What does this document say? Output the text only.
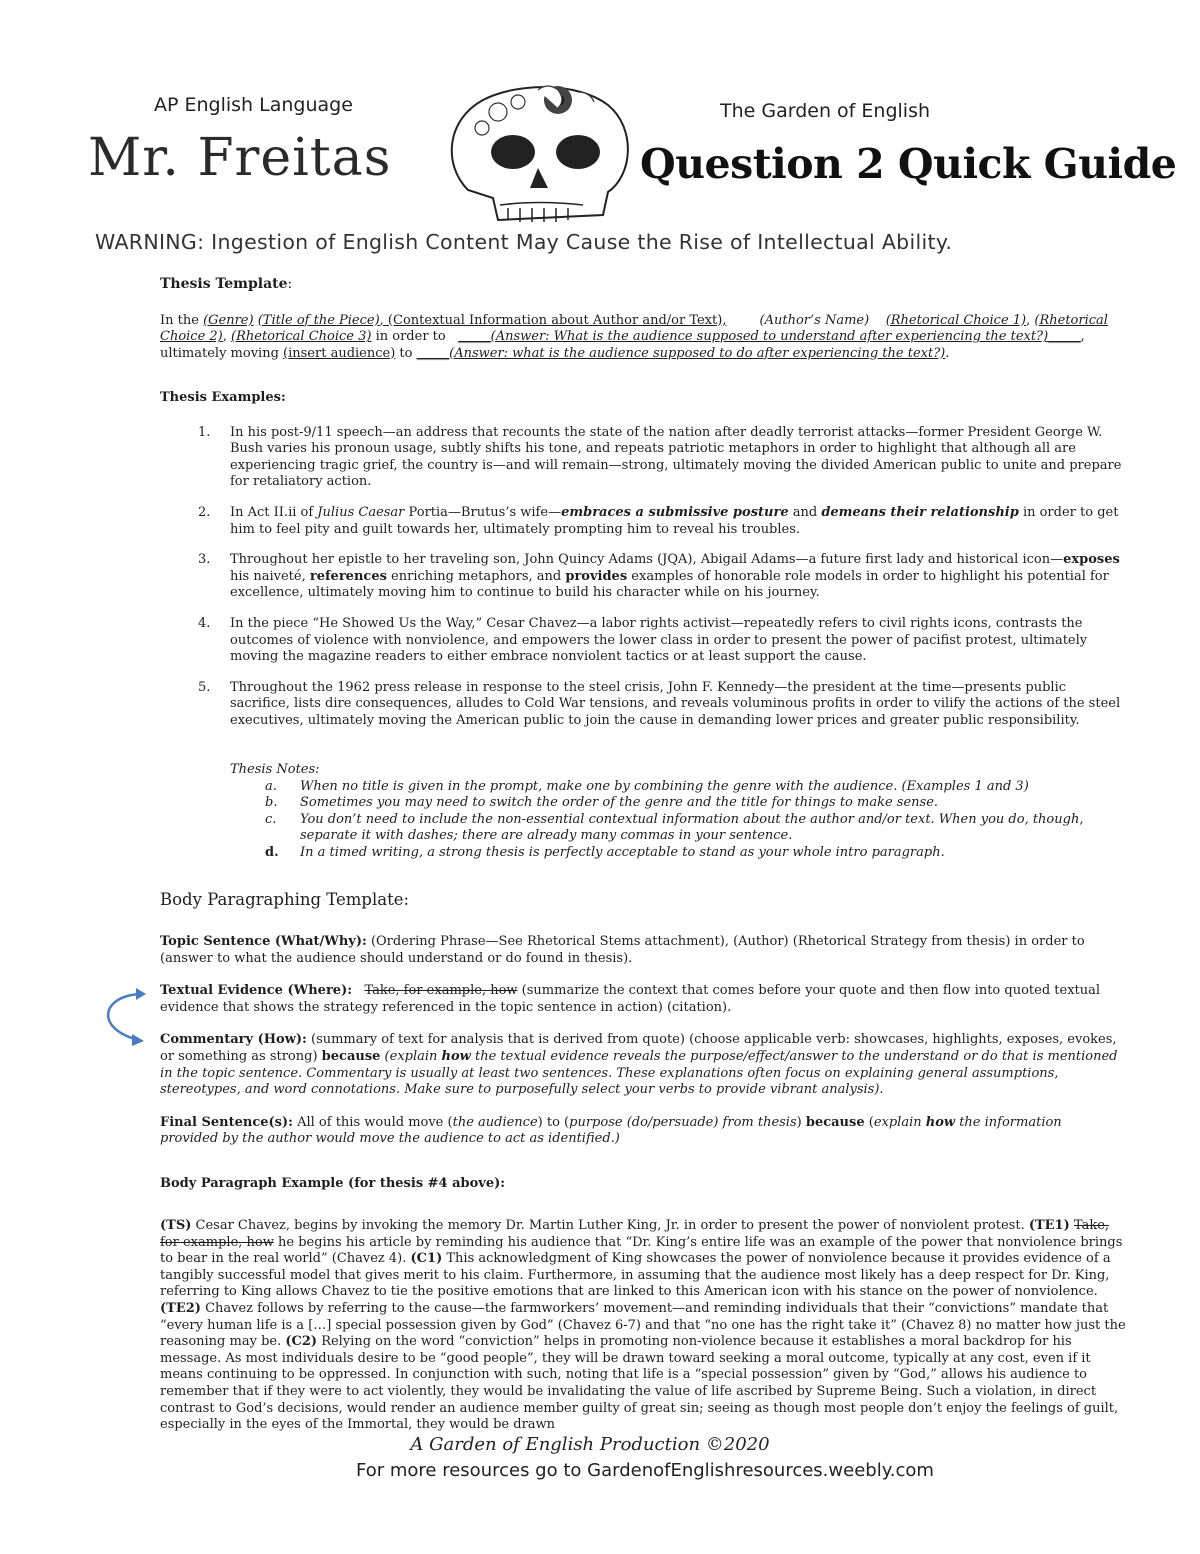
AP English Language
Mr. Freitas
The Garden of English
Question 2 Quick Guide
WARNING: Ingestion of English Content May Cause the Rise of Intellectual Ability.
Thesis Template:
In the (Genre) (Title of the Piece), (Contextual Information about Author and/or Text),	(Author’s Name) (Rhetorical Choice 1), (Rhetorical Choice 2), (Rhetorical Choice 3) in order to   _____(Answer: What is the audience supposed to understand after experiencing the text?)_____, ultimately moving (insert audience) to _____(Answer: what is the audience supposed to do after experiencing the text?).
Thesis Examples:
1. In his post-9/11 speech—an address that recounts the state of the nation after deadly terrorist attacks—former President George W. Bush varies his pronoun usage, subtly shifts his tone, and repeats patriotic metaphors in order to highlight that although all are experiencing tragic grief, the country is—and will remain—strong, ultimately moving the divided American public to unite and prepare for retaliatory action.
2. In Act II.ii of Julius Caesar Portia—Brutus’s wife—embraces a submissive posture and demeans their relationship in order to get him to feel pity and guilt towards her, ultimately prompting him to reveal his troubles.
3. Throughout her epistle to her traveling son, John Quincy Adams (JQA), Abigail Adams—a future first lady and historical icon—exposes his naiveté, references enriching metaphors, and provides examples of honorable role models in order to highlight his potential for excellence, ultimately moving him to continue to build his character while on his journey.
4. In the piece “He Showed Us the Way,” Cesar Chavez—a labor rights activist—repeatedly refers to civil rights icons, contrasts the outcomes of violence with nonviolence, and empowers the lower class in order to present the power of pacifist protest, ultimately moving the magazine readers to either embrace nonviolent tactics or at least support the cause.
5. Throughout the 1962 press release in response to the steel crisis, John F. Kennedy—the president at the time—presents public sacrifice, lists dire consequences, alludes to Cold War tensions, and reveals voluminous profits in order to vilify the actions of the steel executives, ultimately moving the American public to join the cause in demanding lower prices and greater public responsibility.
Thesis Notes:
a. When no title is given in the prompt, make one by combining the genre with the audience. (Examples 1 and 3)
b. Sometimes you may need to switch the order of the genre and the title for things to make sense.
c. You don’t need to include the non-essential contextual information about the author and/or text. When you do, though, separate it with dashes; there are already many commas in your sentence.
d. In a timed writing, a strong thesis is perfectly acceptable to stand as your whole intro paragraph.
Body Paragraphing Template:
Topic Sentence (What/Why): (Ordering Phrase—See Rhetorical Stems attachment), (Author) (Rhetorical Strategy from thesis) in order to (answer to what the audience should understand or do found in thesis).
Textual Evidence (Where): Take, for example, how (summarize the context that comes before your quote and then flow into quoted textual evidence that shows the strategy referenced in the topic sentence in action) (citation).
Commentary (How): (summary of text for analysis that is derived from quote) (choose applicable verb: showcases, highlights, exposes, evokes, or something as strong) because (explain how the textual evidence reveals the purpose/effect/answer to the understand or do that is mentioned in the topic sentence. Commentary is usually at least two sentences. These explanations often focus on explaining general assumptions, stereotypes, and word connotations. Make sure to purposefully select your verbs to provide vibrant analysis).
Final Sentence(s): All of this would move (the audience) to (purpose (do/persuade) from thesis) because (explain how the information provided by the author would move the audience to act as identified.)
Body Paragraph Example (for thesis #4 above):
(TS) Cesar Chavez, begins by invoking the memory Dr. Martin Luther King, Jr. in order to present the power of nonviolent protest. (TE1) Take, for example, how he begins his article by reminding his audience that “Dr. King’s entire life was an example of the power that nonviolence brings to bear in the real world” (Chavez 4). (C1) This acknowledgment of King showcases the power of nonviolence because it provides evidence of a tangibly successful model that gives merit to his claim. Furthermore, in assuming that the audience most likely has a deep respect for Dr. King, referring to King allows Chavez to tie the positive emotions that are linked to this American icon with his stance on the power of nonviolence. (TE2) Chavez follows by referring to the cause—the farmworkers’ movement—and reminding individuals that their “convictions” mandate that “every human life is a […] special possession given by God” (Chavez 6-7) and that “no one has the right take it” (Chavez 8) no matter how just the reasoning may be. (C2) Relying on the word “conviction” helps in promoting non-violence because it establishes a moral backdrop for his message. As most individuals desire to be “good people”, they will be drawn toward seeking a moral outcome, typically at any cost, even if it means continuing to be oppressed. In conjunction with such, noting that life is a “special possession” given by “God,” allows his audience to remember that if they were to act violently, they would be invalidating the value of life ascribed by Supreme Being. Such a violation, in direct contrast to God’s decisions, would render an audience member guilty of great sin; seeing as though most people don’t enjoy the feelings of guilt, especially in the eyes of the Immortal, they would be drawn
A Garden of English Production ©2020
For more resources go to GardenofEnglishresources.weebly.com
